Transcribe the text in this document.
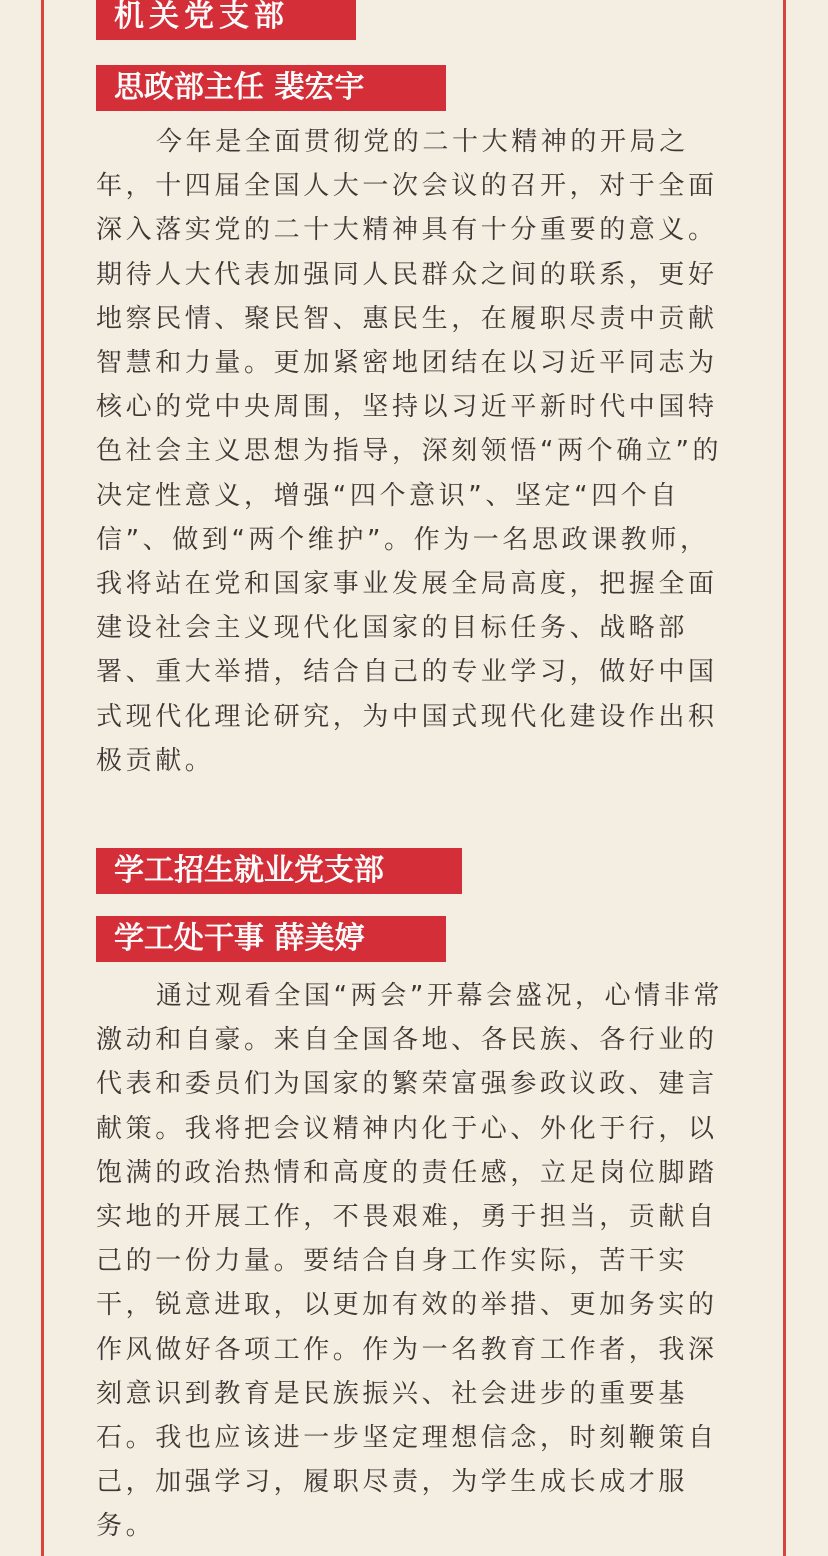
机关党支部
思政部主任 裴宏宇

今年是全面贯彻党的二十大精神的开局之年，十四届全国人大一次会议的召开，对于全面深入落实党的二十大精神具有十分重要的意义。期待人大代表加强同人民群众之间的联系，更好地察民情、聚民智、惠民生，在履职尽责中贡献智慧和力量。更加紧密地团结在以习近平同志为核心的党中央周围，坚持以习近平新时代中国特色社会主义思想为指导，深刻领悟“两个确立”的决定性意义，增强“四个意识”、坚定“四个自信”、做到“两个维护”。作为一名思政课教师，我将站在党和国家事业发展全局高度，把握全面建设社会主义现代化国家的目标任务、战略部署、重大举措，结合自己的专业学习，做好中国式现代化理论研究，为中国式现代化建设作出积极贡献。

学工招生就业党支部
学工处干事 薛美婷

通过观看全国“两会”开幕会盛况，心情非常激动和自豪。来自全国各地、各民族、各行业的代表和委员们为国家的繁荣富强参政议政、建言献策。我将把会议精神内化于心、外化于行，以饱满的政治热情和高度的责任感，立足岗位脚踏实地的开展工作，不畏艰难，勇于担当，贡献自己的一份力量。要结合自身工作实际，苦干实干，锐意进取，以更加有效的举措、更加务实的作风做好各项工作。作为一名教育工作者，我深刻意识到教育是民族振兴、社会进步的重要基石。我也应该进一步坚定理想信念，时刻鞭策自己，加强学习，履职尽责，为学生成长成才服务。
